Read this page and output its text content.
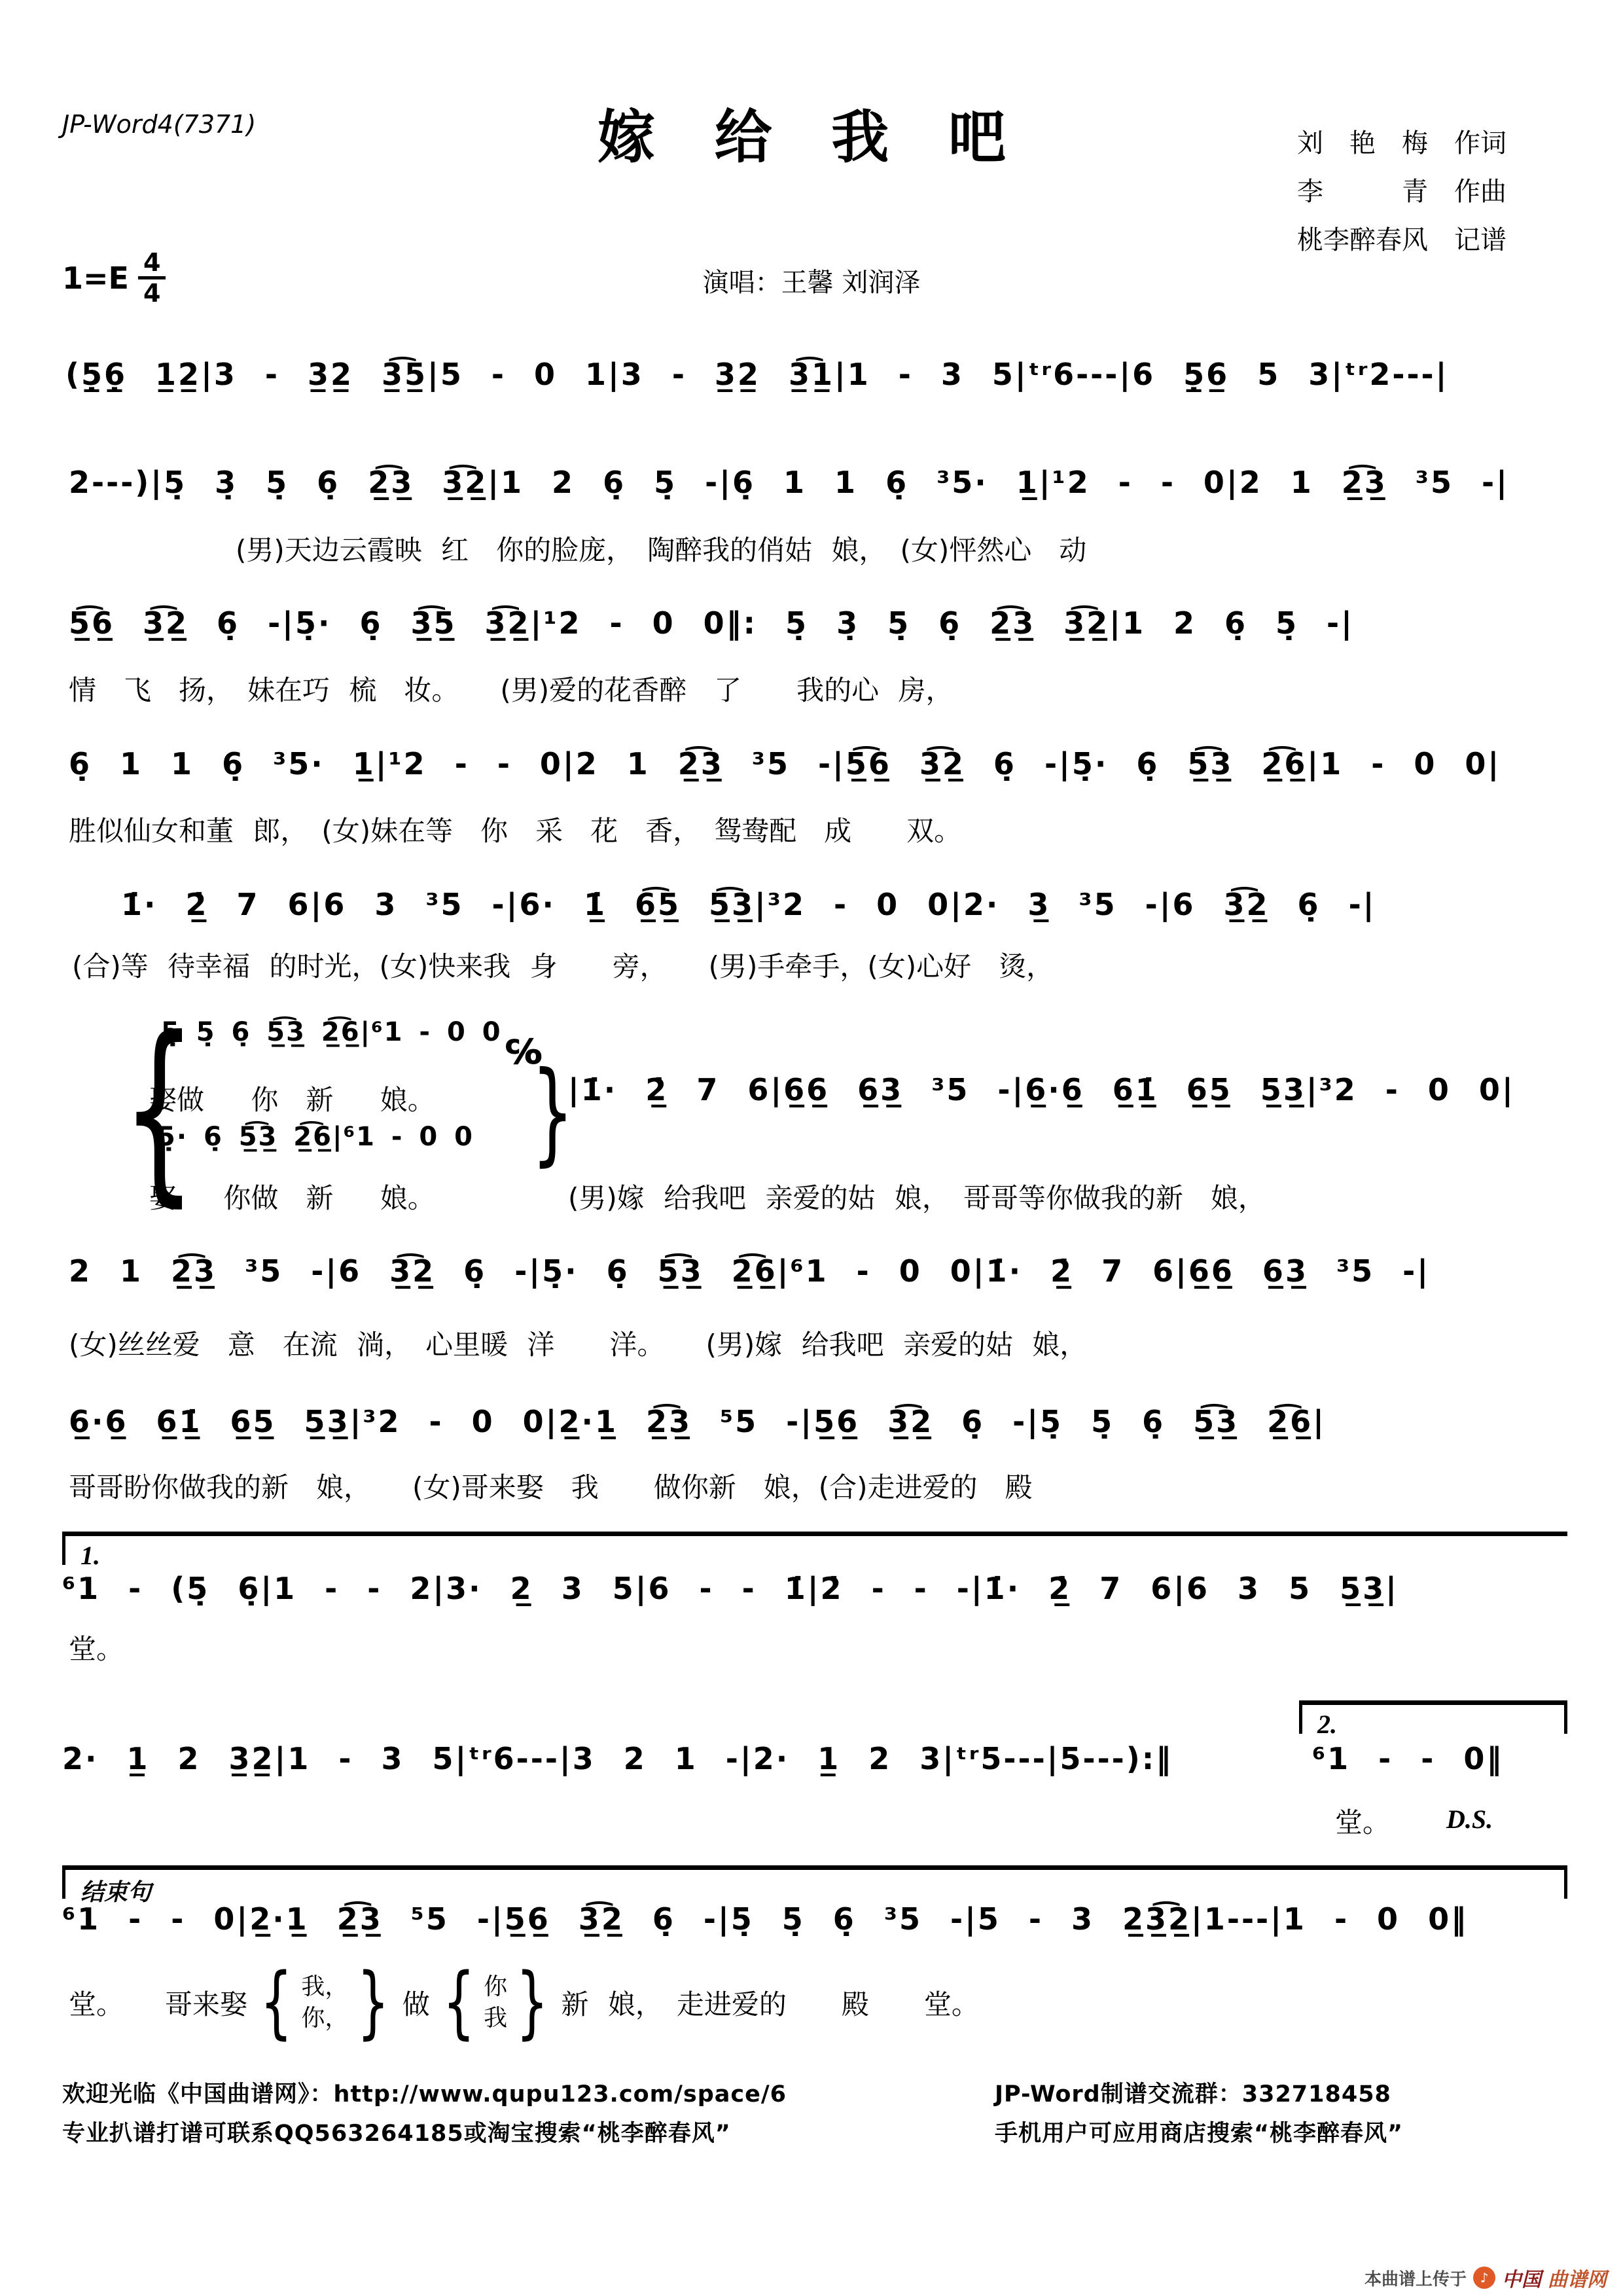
JP-Word4(7371)	嫁 给 我 吧	刘　艳　梅　作词
李　　　青　作曲
桃李醉春风　记谱
$1=E \frac{4}{4}$	演唱：王馨 刘润泽
(5̣̲6̣̲ 1̲2̲|3 - 3̲2̲ 3̲͡5̲|5 - 0 1|3 - 3̲2̲ 3̲͡1̲|1 - 3 5|ᵗʳ6---|6 5̣̲6̲ 5 3|ᵗʳ2---|
2---)|5̣ 3̣ 5̣ 6̣ 2̲͡3̲ 3̲͡2̲|1 2 6̣ 5̣ -|6̣ 1 1 6̣ ³5· 1̲|¹2 - - 0|2 1 2̲͡3̲ ³5 -|
(男)天边云霞映 红　你的脸庞，　陶醉我的俏姑 娘，　(女)怦然心　动
5̲͡6̲ 3̲͡2̲ 6̣ -|5̣· 6̣ 3̲͡5̲ 3̲͡2̲|¹2 - 0 0‖: 5̣ 3̣ 5̣ 6̣ 2̲͡3̲ 3̲͡2̲|1 2 6̣ 5̣ -|
情　飞　扬，　妹在巧 梳　妆。　　(男)爱的花香醉　了　　我的心 房，
6̣ 1 1 6̣ ³5· 1̲|¹2 - - 0|2 1 2̲͡3̲ ³5 -|5̲͡6̲ 3̲͡2̲ 6̣ -|5̣· 6̣ 5̲͡3̲ 2̲͡6̲|1 - 0 0|
胜似仙女和董 郎，　(女)妹在等　你　采　花　香，　鸳鸯配　成　　双。
1̇· 2̲̇ 7 6|6 3 ³5 -|6· 1̲̇ 6̲͡5̲ 5̲͡3̲|³2 - 0 0|2· 3̲ ³5 -|6 3̲͡2̲ 6̣ -|
(合)等 待幸福 的时光，(女)快来我 身　　旁，　　(男)手牵手，(女)心好　烫，
{
5̣ 5̣ 6̣ 5̲͡3̲ 2̲͡6̲|⁶1 - 0 0
娶做　 你　新　 娘。
5̣· 6̣ 5̲͡3̲ 2̲͡6̲|⁶1 - 0 0
娶 　你做　新　 娘。
℅
}
|1̇· 2̲̇ 7 6|6̲6̲ 6̲3̲ ³5 -|6̲·6̲ 6̲1̲̇ 6̲5̲ 5̲3̲|³2 - 0 0|
(男)嫁 给我吧 亲爱的姑 娘，　哥哥等你做我的新　娘，
2 1 2̲͡3̲ ³5 -|6 3̲͡2̲ 6̣ -|5̣· 6̣ 5̲͡3̲ 2̲͡6̲|⁶1 - 0 0|1̇· 2̲̇ 7 6|6̲6̲ 6̲3̲ ³5 -|
(女)丝丝爱　意　在流 淌，　心里暖 洋　　洋。　　(男)嫁 给我吧 亲爱的姑 娘，
6̲·6̲ 6̲1̲̇ 6̲5̲ 5̲3̲|³2 - 0 0|2̲·1̲ 2̲͡3̲ ⁵5 -|5̲6̲ 3̲͡2̲ 6̣ -|5̣ 5̣ 6̣ 5̲͡3̲ 2̲͡6̲|
哥哥盼你做我的新　娘，　　(女)哥来娶　我　　做你新　娘，(合)走进爱的　殿
1.
⁶1 - (5̣ 6̣|1 - - 2|3· 2̲ 3 5|6 - - 1̇|2̇ - - -|1̇· 2̲̇ 7 6|6 3 5 5̲3̲|
堂。
2· 1̲ 2 3̲2̲|1 - 3 5|ᵗʳ6---|3 2 1 -|2· 1̲ 2 3|ᵗʳ5---|5---):‖
2.
⁶1 - - 0‖
堂。 D.S.
结束句
⁶1 - - 0|2̲·1̲ 2̲͡3̲ ⁵5 -|5̲6̲ 3̲͡2̲ 6̣ -|5̣ 5̣ 6̣ ³5 -|5 - 3 2̲3̲͡2̲|1---|1 - 0 0‖
堂。　　哥来娶 { 我，
你， } 做 { 你
我 } 新 娘，　走进爱的　　殿　　堂。
欢迎光临《中国曲谱网》：http://www.qupu123.com/space/6
专业扒谱打谱可联系QQ563264185或淘宝搜索“桃李醉春风”
JP-Word制谱交流群：332718458
手机用户可应用商店搜索“桃李醉春风”
本曲谱上传于	♪ 中国 曲谱网
